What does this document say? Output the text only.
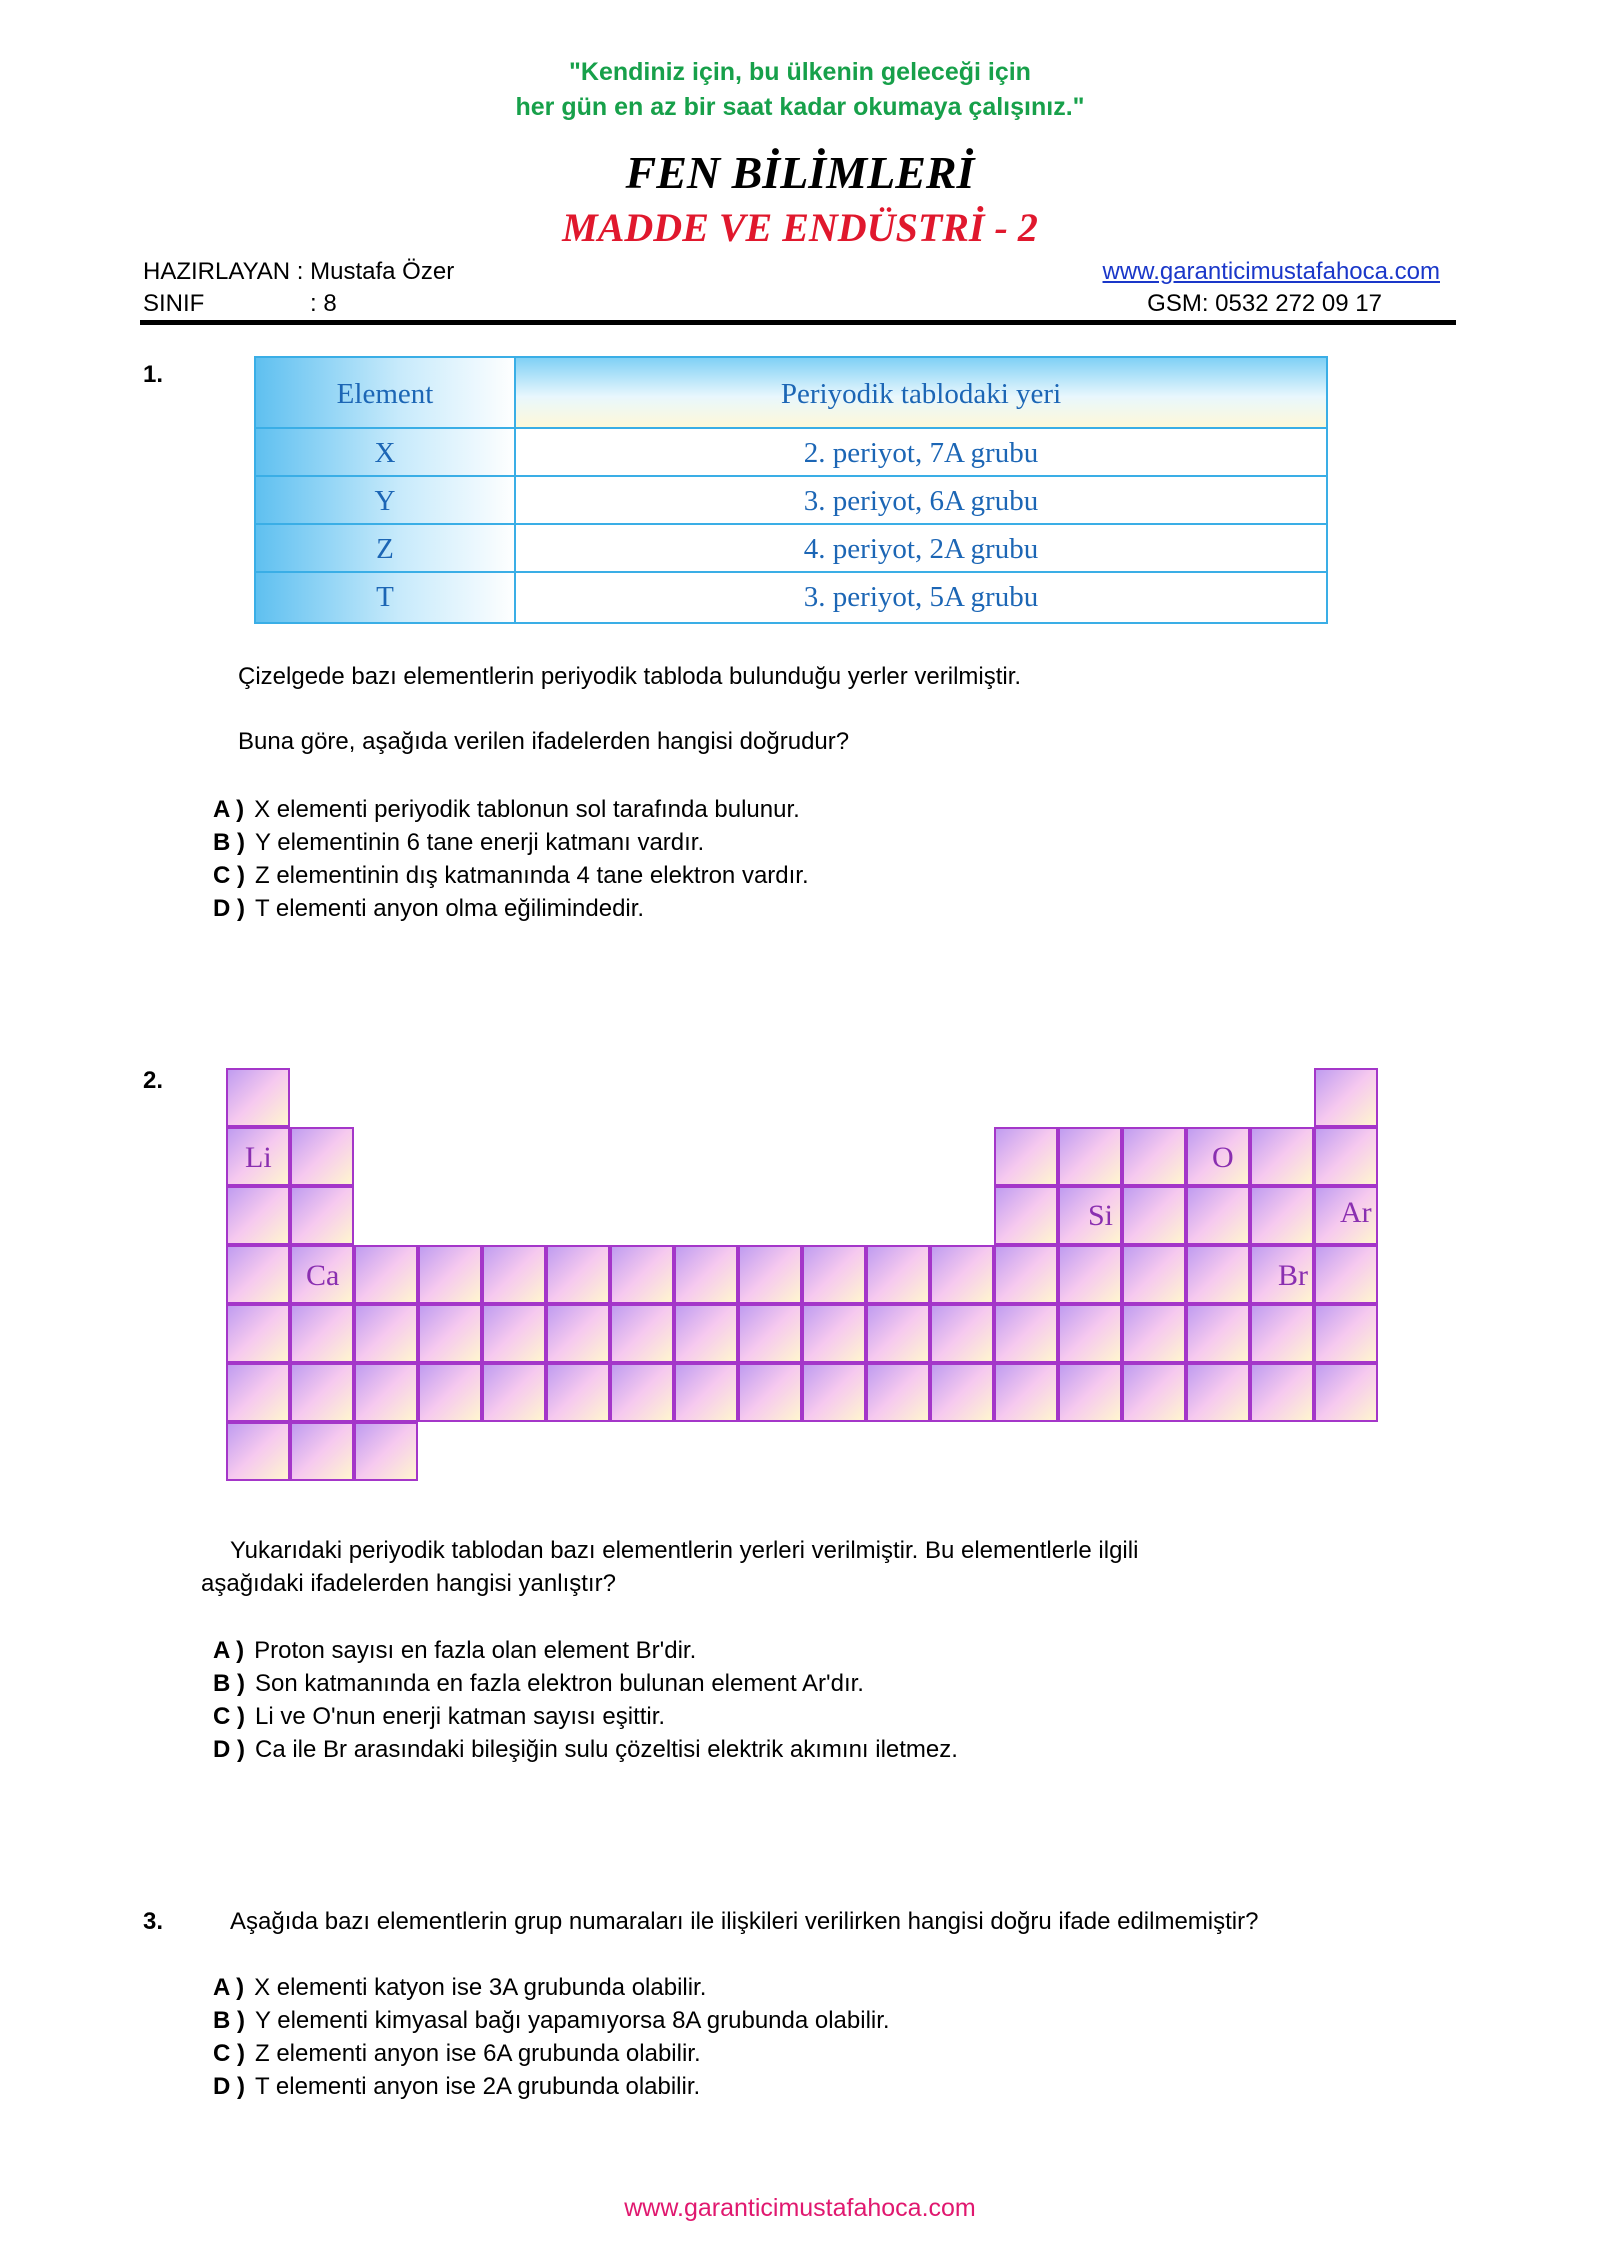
"Kendiniz için, bu ülkenin geleceği için
her gün en az bir saat kadar okumaya çalışınız."
FEN BİLİMLERİ
MADDE VE ENDÜSTRİ - 2
HAZIRLAYAN : Mustafa Özer	www.garanticimustafahoca.com
SINIF	: 8	GSM: 0532 272 09 17
1.
Element	Periyodik tablodaki yeri
X	2. periyot, 7A grubu
Y	3. periyot, 6A grubu
Z	4. periyot, 2A grubu
T	3. periyot, 5A grubu
Çizelgede bazı elementlerin periyodik tabloda bulunduğu yerler verilmiştir.
Buna göre, aşağıda verilen ifadelerden hangisi doğrudur?
A ) X elementi periyodik tablonun sol tarafında bulunur.
B ) Y elementinin 6 tane enerji katmanı vardır.
C ) Z elementinin dış katmanında 4 tane elektron vardır.
D ) T elementi anyon olma eğilimindedir.
2.
Li	O
Si	Ar
Ca	Br
Yukarıdaki periyodik tablodan bazı elementlerin yerleri verilmiştir. Bu elementlerle ilgili
aşağıdaki ifadelerden hangisi yanlıştır?
A ) Proton sayısı en fazla olan element Br'dir.
B ) Son katmanında en fazla elektron bulunan element Ar'dır.
C ) Li ve O'nun enerji katman sayısı eşittir.
D ) Ca ile Br arasındaki bileşiğin sulu çözeltisi elektrik akımını iletmez.
3.	Aşağıda bazı elementlerin grup numaraları ile ilişkileri verilirken hangisi doğru ifade edilmemiştir?
A ) X elementi katyon ise 3A grubunda olabilir.
B ) Y elementi kimyasal bağı yapamıyorsa 8A grubunda olabilir.
C ) Z elementi anyon ise 6A grubunda olabilir.
D ) T elementi anyon ise 2A grubunda olabilir.
www.garanticimustafahoca.com
